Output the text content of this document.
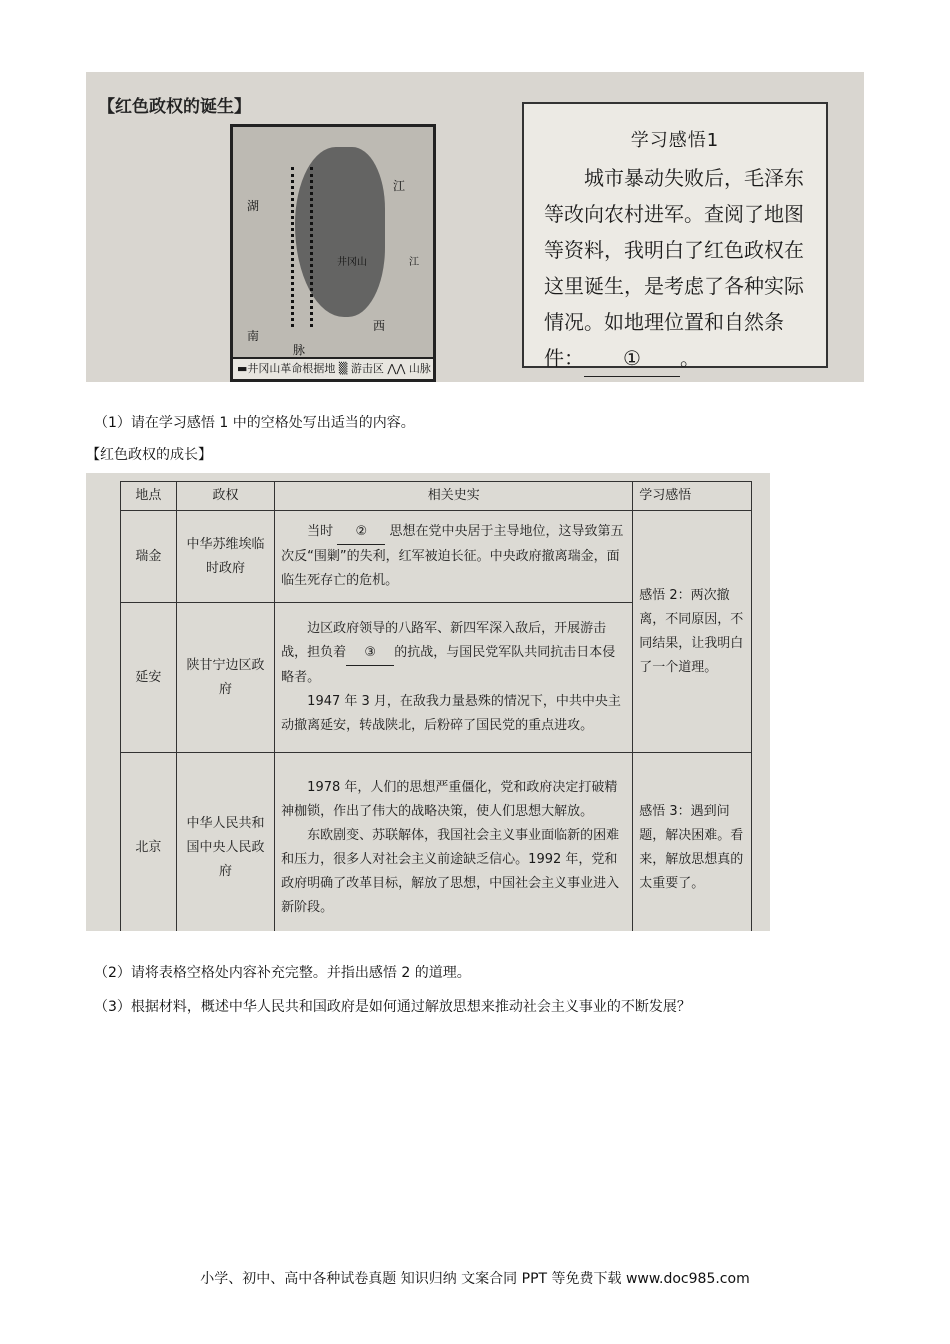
【红色政权的诞生】
湖
南
江
西
井冈山
脉
江
▬井冈山革命根据地 ▒ 游击区 ⋀⋀ 山脉
学习感悟1
城市暴动失败后，毛泽东等改向农村进军。查阅了地图等资料，我明白了红色政权在这里诞生，是考虑了各种实际情况。如地理位置和自然条件： ① 。
（1）请在学习感悟 1 中的空格处写出适当的内容。
【红色政权的成长】
地点	政权	相关史实	学习感悟
瑞金	中华苏维埃临时政府	当时 ② 思想在党中央居于主导地位，这导致第五次反“围剿”的失利，红军被迫长征。中央政府撤离瑞金，面临生死存亡的危机。	感悟 2：两次撤离，不同原因，不同结果，让我明白了一个道理。
延安	陕甘宁边区政府	边区政府领导的八路军、新四军深入敌后，开展游击战，担负着 ③ 的抗战，与国民党军队共同抗击日本侵略者。

1947 年 3 月，在敌我力量悬殊的情况下，中共中央主动撤离延安，转战陕北，后粉碎了国民党的重点进攻。	

北京	中华人民共和国中央人民政府	1978 年，人们的思想严重僵化，党和政府决定打破精神枷锁，作出了伟大的战略决策，使人们思想大解放。

东欧剧变、苏联解体，我国社会主义事业面临新的困难和压力，很多人对社会主义前途缺乏信心。1992 年，党和政府明确了改革目标，解放了思想，中国社会主义事业进入新阶段。	感悟 3：遇到问题，解决困难。看来，解放思想真的太重要了。
（2）请将表格空格处内容补充完整。并指出感悟 2 的道理。
（3）根据材料，概述中华人民共和国政府是如何通过解放思想来推动社会主义事业的不断发展？
小学、初中、高中各种试卷真题 知识归纳 文案合同 PPT 等免费下载 www.doc985.com
